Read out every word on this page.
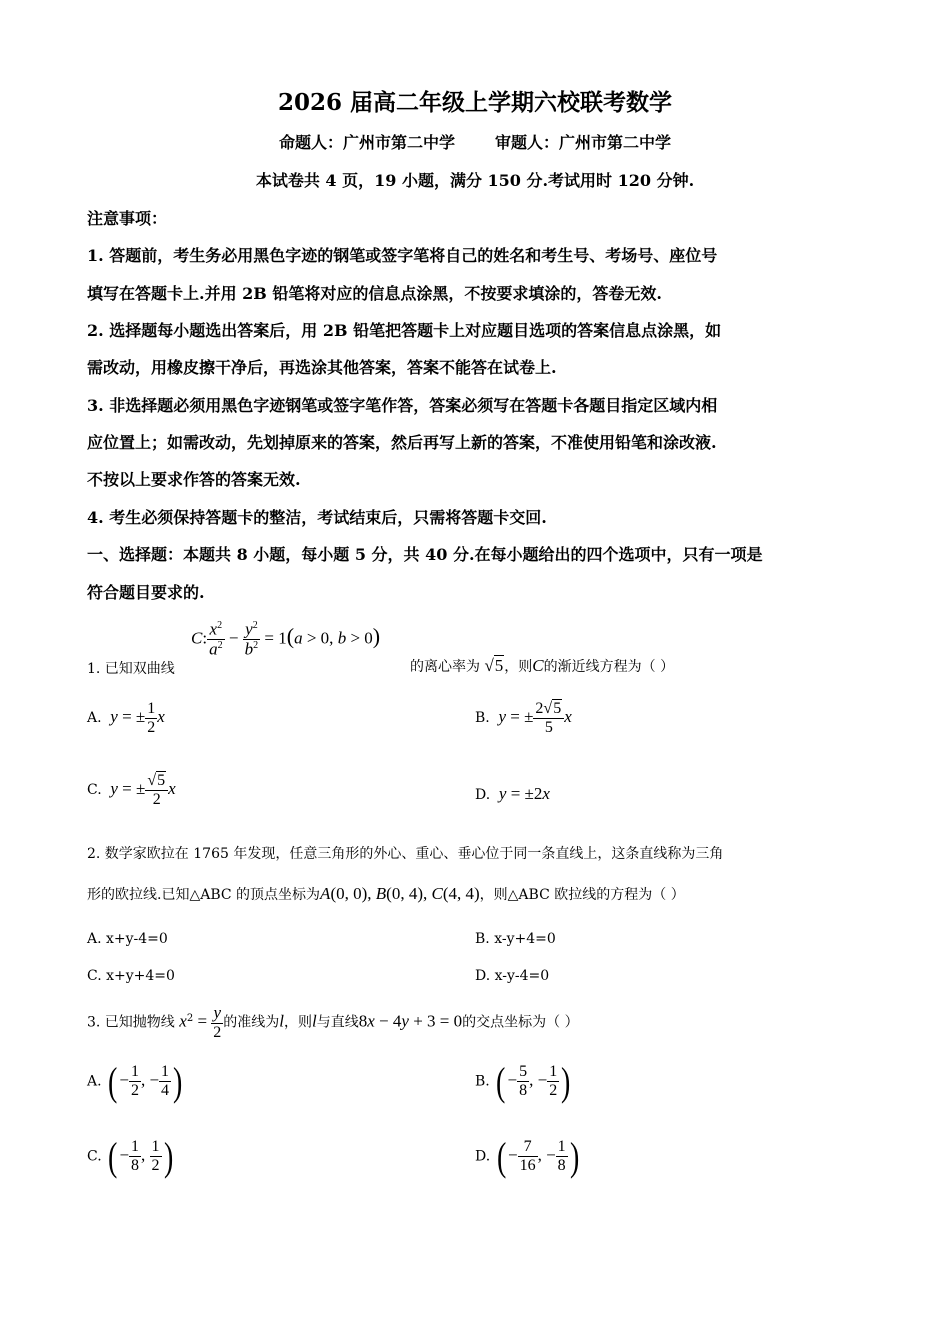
2026 届高二年级上学期六校联考数学
命题人：广州市第二中学	审题人：广州市第二中学
本试卷共 4 页，19 小题，满分 150 分.考试用时 120 分钟.
注意事项：
1. 答题前，考生务必用黑色字迹的钢笔或签字笔将自己的姓名和考生号、考场号、座位号
填写在答题卡上.并用 2B 铅笔将对应的信息点涂黑，不按要求填涂的，答卷无效.
2. 选择题每小题选出答案后，用 2B 铅笔把答题卡上对应题目选项的答案信息点涂黑，如
需改动，用橡皮擦干净后，再选涂其他答案，答案不能答在试卷上.
3. 非选择题必须用黑色字迹钢笔或签字笔作答，答案必须写在答题卡各题目指定区域内相
应位置上；如需改动，先划掉原来的答案，然后再写上新的答案，不准使用铅笔和涂改液.
不按以上要求作答的答案无效.
4. 考生必须保持答题卡的整洁，考试结束后，只需将答题卡交回.
一、选择题：本题共 8 小题，每小题 5 分，共 40 分.在每小题给出的四个选项中，只有一项是
符合题目要求的.
C: $\frac{x^2}{a^2} - \frac{y^2}{b^2} = 1(a > 0$, b > 0)
1. 已知双曲线	的离心率为 √5，则C的渐近线方程为（ ）
A.  y = ± $\frac{1}{2}$ x	B.  y = ± $\frac{2√5}{5}$ x
C.  y = ± $\frac{√5}{2}$ x	D.  y = ±2x
2. 数学家欧拉在 1765 年发现，任意三角形的外心、重心、垂心位于同一条直线上，这条直线称为三角
形的欧拉线.已知△ABC 的顶点坐标为A(0, 0), B(0, 4), C(4, 4)，则△ABC 欧拉线的方程为（ ）
A. x+y-4=0	B. x-y+4=0
C. x+y+4=0	D. x-y-4=0
3. 已知抛物线 $x^2 = \frac{y}{2}$ 的准线为l，则l与直线8x − 4y + 3 = 0的交点坐标为（ ）
A. ( − $\frac{1}{2}$ , − $\frac{1}{4}$ )	B. ( − $\frac{5}{8}$ , − $\frac{1}{2}$ )
C. ( − $\frac{1}{8}$ , $\frac{1}{2}$ )	D. ( − $\frac{7}{16}$ , − $\frac{1}{8}$ )
